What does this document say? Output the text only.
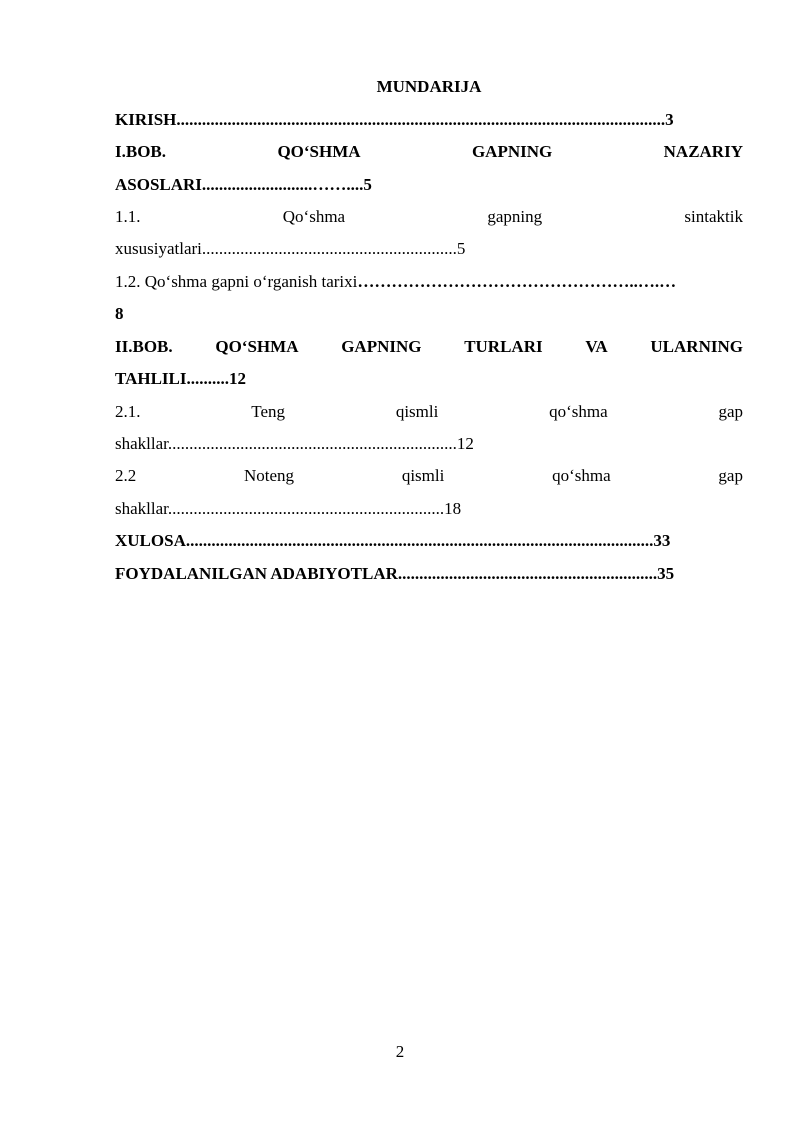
MUNDARIJA
KIRISH...................................................................................................................3
I.BOB.	QO‘SHMA	GAPNING	NAZARIY
ASOSLARI..........................……....5
1.1.	Qo‘shma	gapning	sintaktik
xususiyatlari............................................................5
1.2. Qo‘shma gapni o‘rganish tarixi…………………………………………..….…
8
II.BOB.	QO‘SHMA	GAPNING	TURLARI	VA	ULARNING
TAHLILI..........12
2.1.	Teng	qismli	qo‘shma	gap
shakllar....................................................................12
2.2	Noteng	qismli	qo‘shma	gap
shakllar.................................................................18
XULOSA..............................................................................................................33
FOYDALANILGAN ADABIYOTLAR.............................................................35
2
